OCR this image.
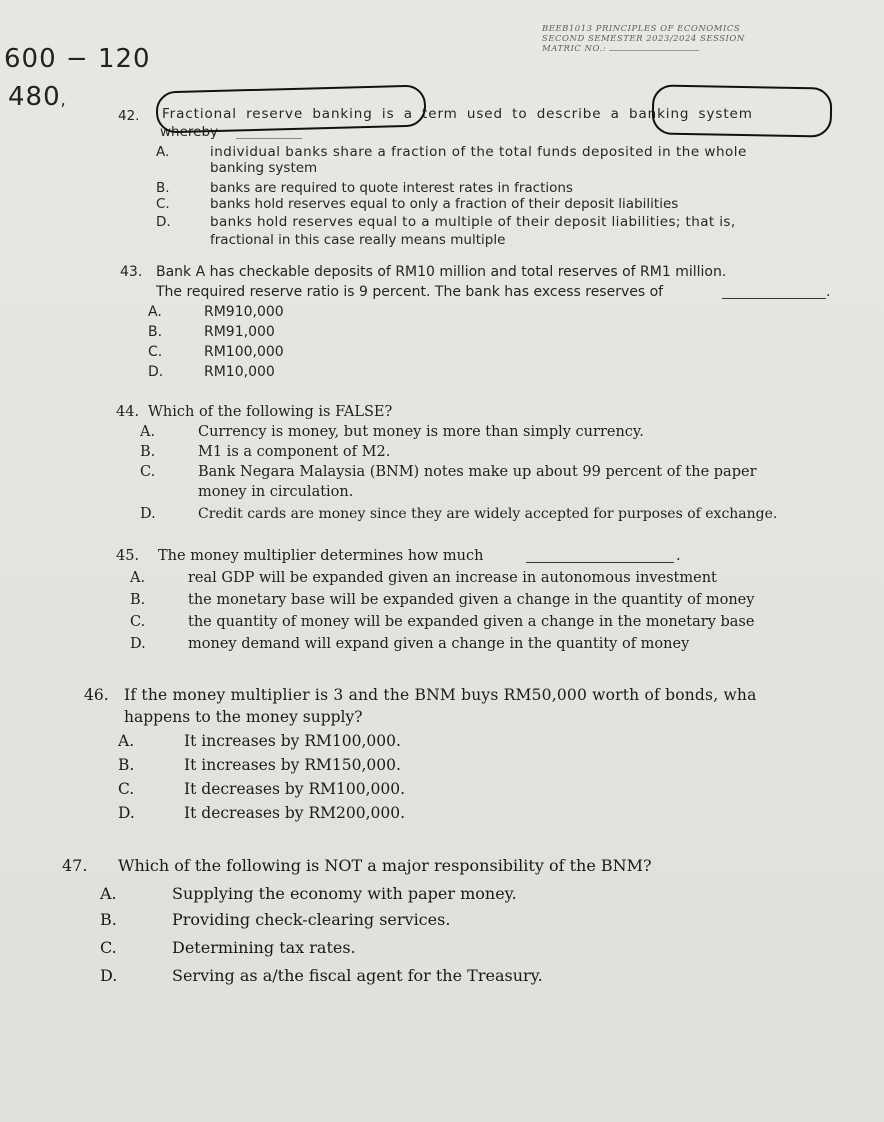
BEEB1013 PRINCIPLES OF ECONOMICS
SECOND SEMESTER 2023/2024 SESSION
MATRIC NO.:
600 − 120
480,
42. Fractional reserve banking is a term used to describe a banking system
whereby
A.	individual banks share a fraction of the total funds deposited in the whole
banking system
B.	banks are required to quote interest rates in fractions
C.	banks hold reserves equal to only a fraction of their deposit liabilities
D.	banks hold reserves equal to a multiple of their deposit liabilities; that is,
fractional in this case really means multiple
43. Bank A has checkable deposits of RM10 million and total reserves of RM1 million.
The required reserve ratio is 9 percent. The bank has excess reserves of	.
A.	RM910,000
B.	RM91,000
C.	RM100,000
D.	RM10,000
44. Which of the following is FALSE?
A.	Currency is money, but money is more than simply currency.
B.	M1 is a component of M2.
C.	Bank Negara Malaysia (BNM) notes make up about 99 percent of the paper
money in circulation.
D.	Credit cards are money since they are widely accepted for purposes of exchange.
45. The money multiplier determines how much	.
A.	real GDP will be expanded given an increase in autonomous investment
B.	the monetary base will be expanded given a change in the quantity of money
C.	the quantity of money will be expanded given a change in the monetary base
D.	money demand will expand given a change in the quantity of money
46. If the money multiplier is 3 and the BNM buys RM50,000 worth of bonds, wha
happens to the money supply?
A.	It increases by RM100,000.
B.	It increases by RM150,000.
C.	It decreases by RM100,000.
D.	It decreases by RM200,000.
47. Which of the following is NOT a major responsibility of the BNM?
A.	Supplying the economy with paper money.
B.	Providing check-clearing services.
C.	Determining tax rates.
D.	Serving as a/the fiscal agent for the Treasury.
